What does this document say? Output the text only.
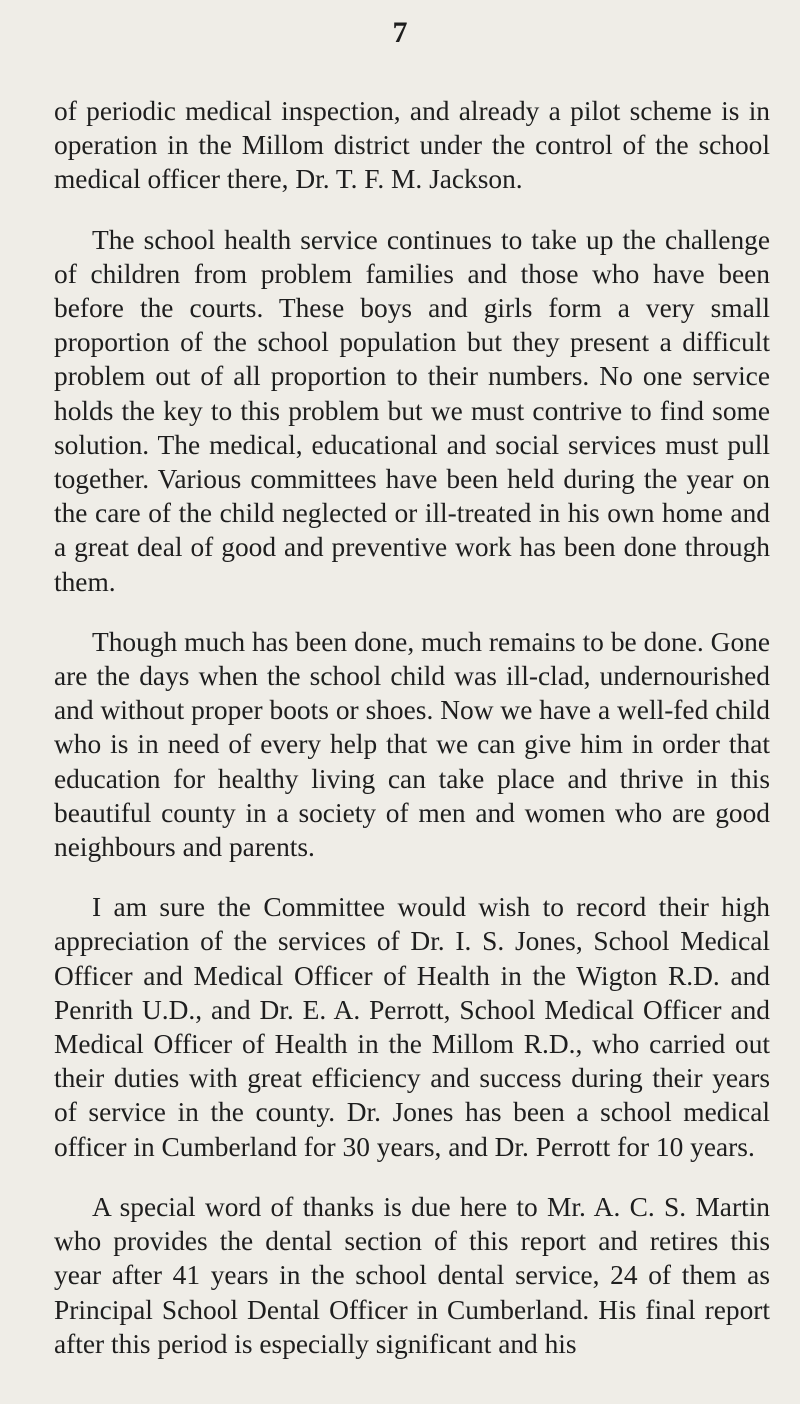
7

of periodic medical inspection, and already a pilot scheme is in operation in the Millom district under the control of the school medical officer there, Dr. T. F. M. Jackson.

The school health service continues to take up the challenge of children from problem families and those who have been before the courts. These boys and girls form a very small proportion of the school population but they present a difficult problem out of all proportion to their numbers. No one service holds the key to this problem but we must contrive to find some solution. The medical, educational and social services must pull together. Various committees have been held during the year on the care of the child neglected or ill-treated in his own home and a great deal of good and preventive work has been done through them.

Though much has been done, much remains to be done. Gone are the days when the school child was ill-clad, undernourished and without proper boots or shoes. Now we have a well-fed child who is in need of every help that we can give him in order that education for healthy living can take place and thrive in this beautiful county in a society of men and women who are good neighbours and parents.

I am sure the Committee would wish to record their high appreciation of the services of Dr. I. S. Jones, School Medical Officer and Medical Officer of Health in the Wigton R.D. and Penrith U.D., and Dr. E. A. Perrott, School Medical Officer and Medical Officer of Health in the Millom R.D., who carried out their duties with great efficiency and success during their years of service in the county. Dr. Jones has been a school medical officer in Cumberland for 30 years, and Dr. Perrott for 10 years.

A special word of thanks is due here to Mr. A. C. S. Martin who provides the dental section of this report and retires this year after 41 years in the school dental service, 24 of them as Principal School Dental Officer in Cumberland. His final report after this period is especially significant and his
